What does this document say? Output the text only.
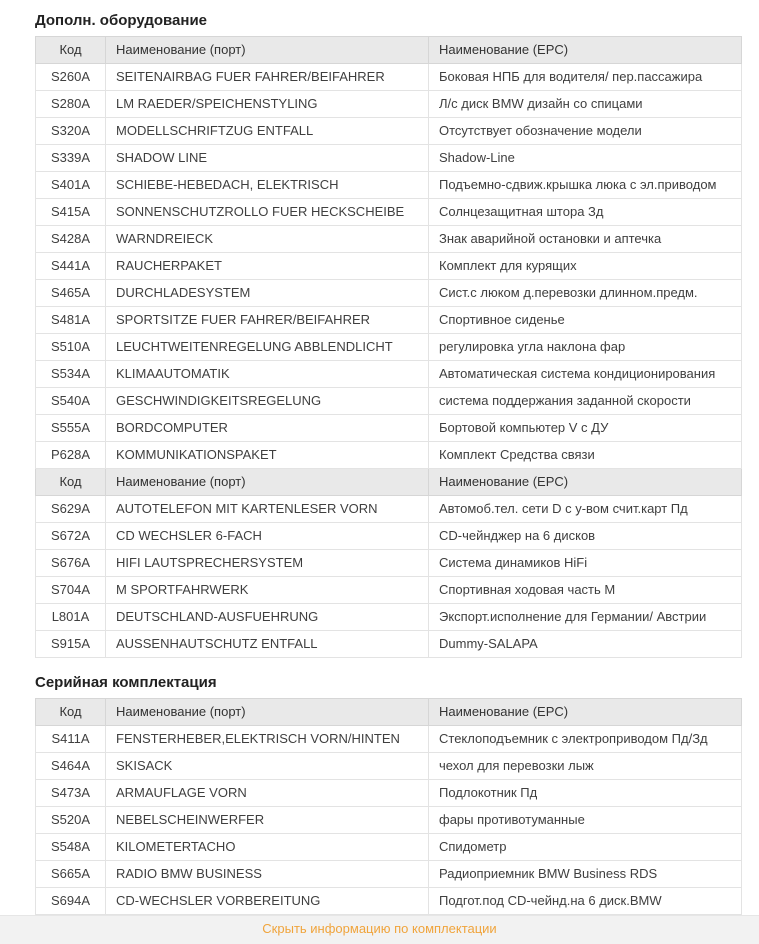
Дополн. оборудование
Код	Наименование (порт)	Наименование (EPC)
S260A	SEITENAIRBAG FUER FAHRER/BEIFAHRER	Боковая НПБ для водителя/ пер.пассажира
S280A	LM RAEDER/SPEICHENSTYLING	Л/с диск BMW дизайн со спицами
S320A	MODELLSCHRIFTZUG ENTFALL	Отсутствует обозначение модели
S339A	SHADOW LINE	Shadow-Line
S401A	SCHIEBE-HEBEDACH, ELEKTRISCH	Подъемно-сдвиж.крышка люка с эл.приводом
S415A	SONNENSCHUTZROLLO FUER HECKSCHEIBE	Солнцезащитная штора Зд
S428A	WARNDREIECK	Знак аварийной остановки и аптечка
S441A	RAUCHERPAKET	Комплект для курящих
S465A	DURCHLADESYSTEM	Сист.с люком д.перевозки длинном.предм.
S481A	SPORTSITZE FUER FAHRER/BEIFAHRER	Спортивное сиденье
S510A	LEUCHTWEITENREGELUNG ABBLENDLICHT	регулировка угла наклона фар
S534A	KLIMAAUTOMATIK	Автоматическая система кондиционирования
S540A	GESCHWINDIGKEITSREGELUNG	система поддержания заданной скорости
S555A	BORDCOMPUTER	Бортовой компьютер V с ДУ
P628A	KOMMUNIKATIONSPAKET	Комплект Средства связи
Код	Наименование (порт)	Наименование (EPC)
S629A	AUTOTELEFON MIT KARTENLESER VORN	Автомоб.тел. сети D с у-вом счит.карт Пд
S672A	CD WECHSLER 6-FACH	CD-чейнджер на 6 дисков
S676A	HIFI LAUTSPRECHERSYSTEM	Система динамиков HiFi
S704A	M SPORTFAHRWERK	Спортивная ходовая часть M
L801A	DEUTSCHLAND-AUSFUEHRUNG	Экспорт.исполнение для Германии/ Австрии
S915A	AUSSENHAUTSCHUTZ ENTFALL	Dummy-SALAPA
Серийная комплектация
Код	Наименование (порт)	Наименование (EPC)
S411A	FENSTERHEBER,ELEKTRISCH VORN/HINTEN	Стеклоподъемник с электроприводом Пд/Зд
S464A	SKISACK	чехол для перевозки лыж
S473A	ARMAUFLAGE VORN	Подлокотник Пд
S520A	NEBELSCHEINWERFER	фары противотуманные
S548A	KILOMETERTACHO	Спидометр
S665A	RADIO BMW BUSINESS	Радиоприемник BMW Business RDS
S694A	CD-WECHSLER VORBEREITUNG	Подгот.под CD-чейнд.на 6 диск.BMW
Скрыть информацию по комплектации
